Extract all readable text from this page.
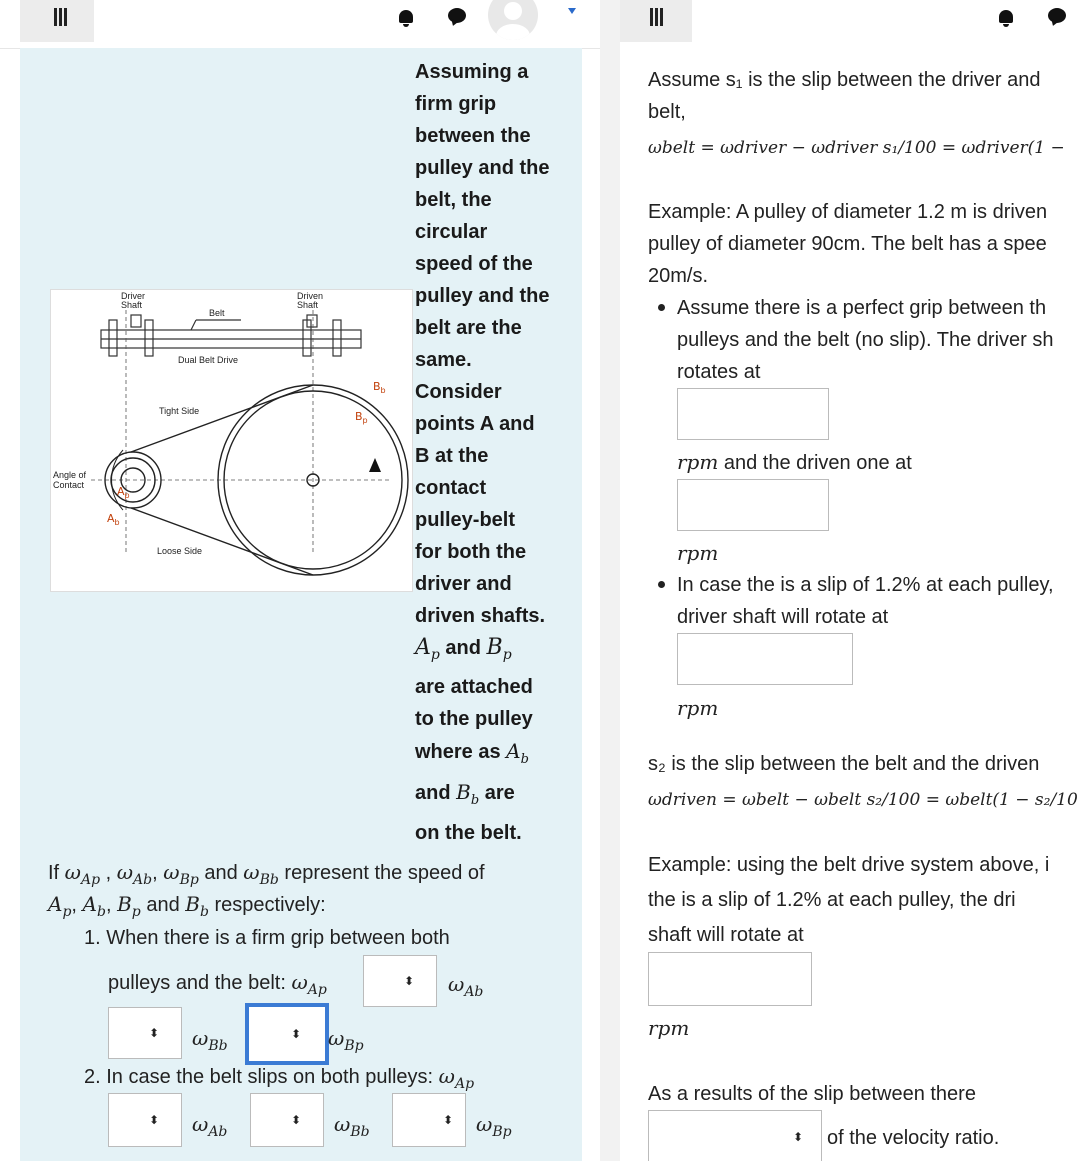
Driver
Shaft
Driven
Shaft
Belt
Dual Belt Drive
Tight Side
Loose Side
Angle of
Contact
$B_b$
$B_p$
$A_p$
$A_b$
Assuming a
firm grip
between the
pulley and the
belt, the
circular
speed of the
pulley and the
belt are the
same.
Consider
points A and
B at the
contact
pulley-belt
for both the
driver and
driven shafts.
$A_p$ and $B_p$
are attached
to the pulley
where as $A_b$
and $B_b$ are
on the belt.
If $\omega_{Ap}$ , $\omega_{Ab}$, $\omega_{Bp}$ and $\omega_{Bb}$ represent the speed of
$A_p$, $A_b$, $B_p$ and $B_b$ respectively:
1. When there is a firm grip between both
pulleys and the belt: $\omega_{Ap}$
⬍ $\omega_{Ab}$
⬍ $\omega_{Bb}$
⬍ $\omega_{Bp}$
2. In case the belt slips on both pulleys: $\omega_{Ap}$
⬍ $\omega_{Ab}$
⬍ $\omega_{Bb}$
⬍ $\omega_{Bp}$
Assume s₁ is the slip between the driver and
belt,
ωbelt = ωdriver − ωdriver s₁/100 = ωdriver(1 −
Example: A pulley of diameter 1.2 m is driven
pulley of diameter 90cm. The belt has a spee
20m/s.
Assume there is a perfect grip between th
pulleys and the belt (no slip). The driver sh
rotates at
rpm and the driven one at
rpm
In case the is a slip of 1.2% at each pulley,
driver shaft will rotate at
rpm
s₂ is the slip between the belt and the driven
ωdriven = ωbelt − ωbelt s₂/100 = ωbelt(1 − s₂/10
Example: using the belt drive system above, i
the is a slip of 1.2% at each pulley, the dri
shaft will rotate at
rpm
As a results of the slip between there
⬍ of the velocity ratio.
